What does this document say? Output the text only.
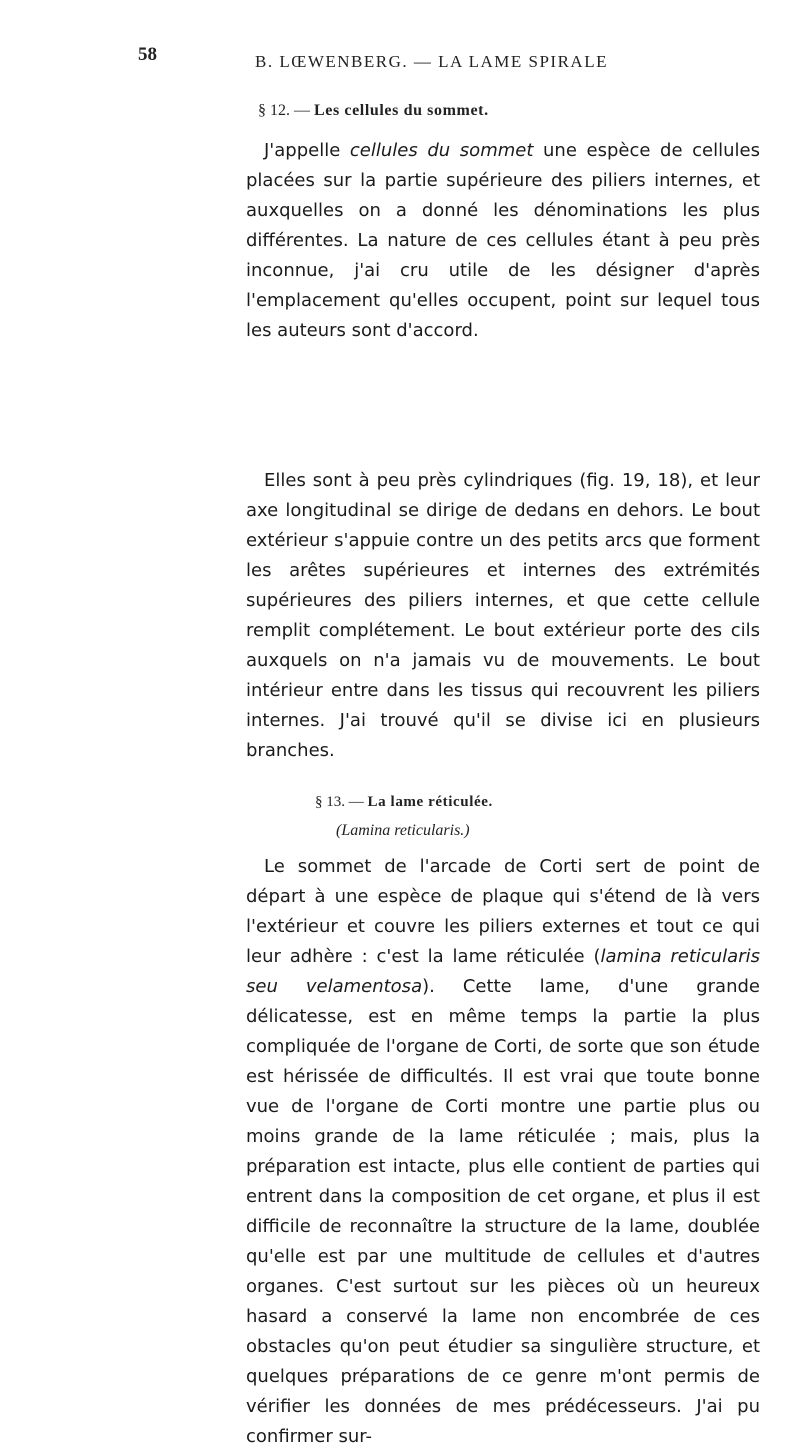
58	B. LŒWENBERG. — LA LAME SPIRALE
§ 12. — Les cellules du sommet.

J'appelle cellules du sommet une espèce de cellules placées sur la partie supérieure des piliers internes, et auxquelles on a donné les dénominations les plus différentes. La nature de ces cellules étant à peu près inconnue, j'ai cru utile de les désigner d'après l'emplacement qu'elles occupent, point sur lequel tous les auteurs sont d'accord.

Elles sont à peu près cylindriques (fig. 19, 18), et leur axe longitudinal se dirige de dedans en dehors. Le bout extérieur s'appuie contre un des petits arcs que forment les arêtes supérieures et internes des extrémités supérieures des piliers internes, et que cette cellule remplit complétement. Le bout extérieur porte des cils auxquels on n'a jamais vu de mouvements. Le bout intérieur entre dans les tissus qui recouvrent les piliers internes. J'ai trouvé qu'il se divise ici en plusieurs branches.

§ 13. — La lame réticulée.
(Lamina reticularis.)

Le sommet de l'arcade de Corti sert de point de départ à une espèce de plaque qui s'étend de là vers l'extérieur et couvre les piliers externes et tout ce qui leur adhère : c'est la lame réticulée (lamina reticularis seu velamentosa). Cette lame, d'une grande délicatesse, est en même temps la partie la plus compliquée de l'organe de Corti, de sorte que son étude est hérissée de difficultés. Il est vrai que toute bonne vue de l'organe de Corti montre une partie plus ou moins grande de la lame réticulée ; mais, plus la préparation est intacte, plus elle contient de parties qui entrent dans la composition de cet organe, et plus il est difficile de reconnaître la structure de la lame, doublée qu'elle est par une multitude de cellules et d'autres organes. C'est surtout sur les pièces où un heureux hasard a conservé la lame non encombrée de ces obstacles qu'on peut étudier sa singulière structure, et quelques préparations de ce genre m'ont permis de vérifier les données de mes prédécesseurs. J'ai pu confirmer sur-
